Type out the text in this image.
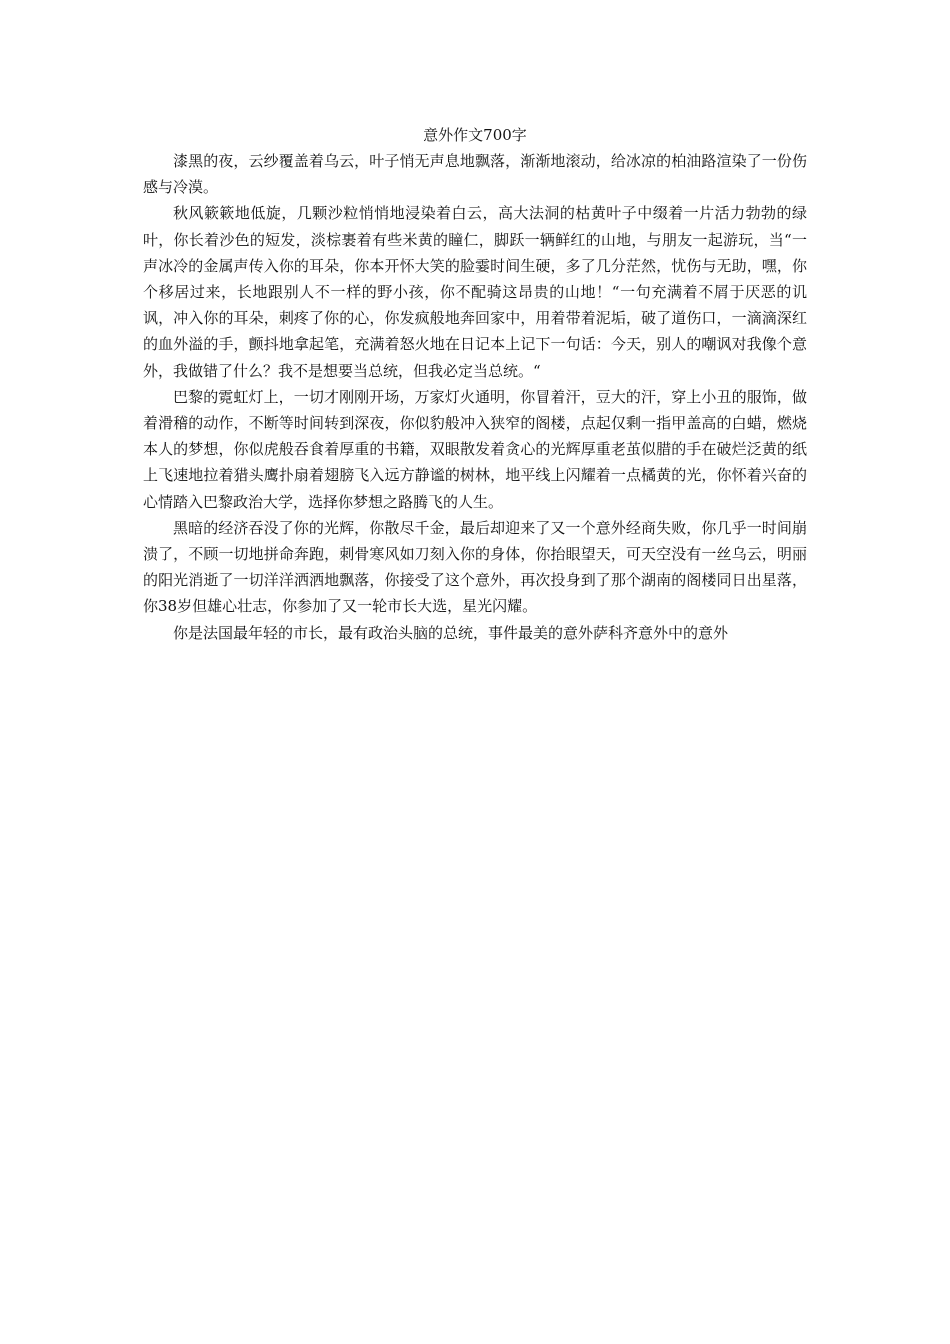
意外作文700字

漆黑的夜，云纱覆盖着乌云，叶子悄无声息地飘落，渐渐地滚动，给冰凉的柏油路渲染了一份伤感与冷漠。

秋风簌簌地低旋，几颗沙粒悄悄地浸染着白云，高大法洞的枯黄叶子中缀着一片活力勃勃的绿叶，你长着沙色的短发，淡棕裹着有些米黄的瞳仁，脚跃一辆鲜红的山地，与朋友一起游玩，当“一声冰冷的金属声传入你的耳朵，你本开怀大笑的脸霎时间生硬，多了几分茫然，忧伤与无助，嘿，你个移居过来，长地跟别人不一样的野小孩，你不配骑这昂贵的山地！“一句充满着不屑于厌恶的讥讽，冲入你的耳朵，刺疼了你的心，你发疯般地奔回家中，用着带着泥垢，破了道伤口，一滴滴深红的血外溢的手，颤抖地拿起笔，充满着怒火地在日记本上记下一句话：今天，别人的嘲讽对我像个意外，我做错了什么？我不是想要当总统，但我必定当总统。“

巴黎的霓虹灯上，一切才刚刚开场，万家灯火通明，你冒着汗，豆大的汗，穿上小丑的服饰，做着滑稽的动作，不断等时间转到深夜，你似豹般冲入狭窄的阁楼，点起仅剩一指甲盖高的白蜡，燃烧本人的梦想，你似虎般吞食着厚重的书籍，双眼散发着贪心的光辉厚重老茧似腊的手在破烂泛黄的纸上飞速地拉着猎头鹰扑扇着翅膀飞入远方静谧的树林，地平线上闪耀着一点橘黄的光，你怀着兴奋的心情踏入巴黎政治大学，选择你梦想之路腾飞的人生。

黑暗的经济吞没了你的光辉，你散尽千金，最后却迎来了又一个意外经商失败，你几乎一时间崩溃了，不顾一切地拼命奔跑，刺骨寒风如刀刻入你的身体，你抬眼望天，可天空没有一丝乌云，明丽的阳光消逝了一切洋洋洒洒地飘落，你接受了这个意外，再次投身到了那个湖南的阁楼同日出星落，你38岁但雄心壮志，你参加了又一轮市长大选，星光闪耀。

你是法国最年轻的市长，最有政治头脑的总统，事件最美的意外萨科齐意外中的意外
